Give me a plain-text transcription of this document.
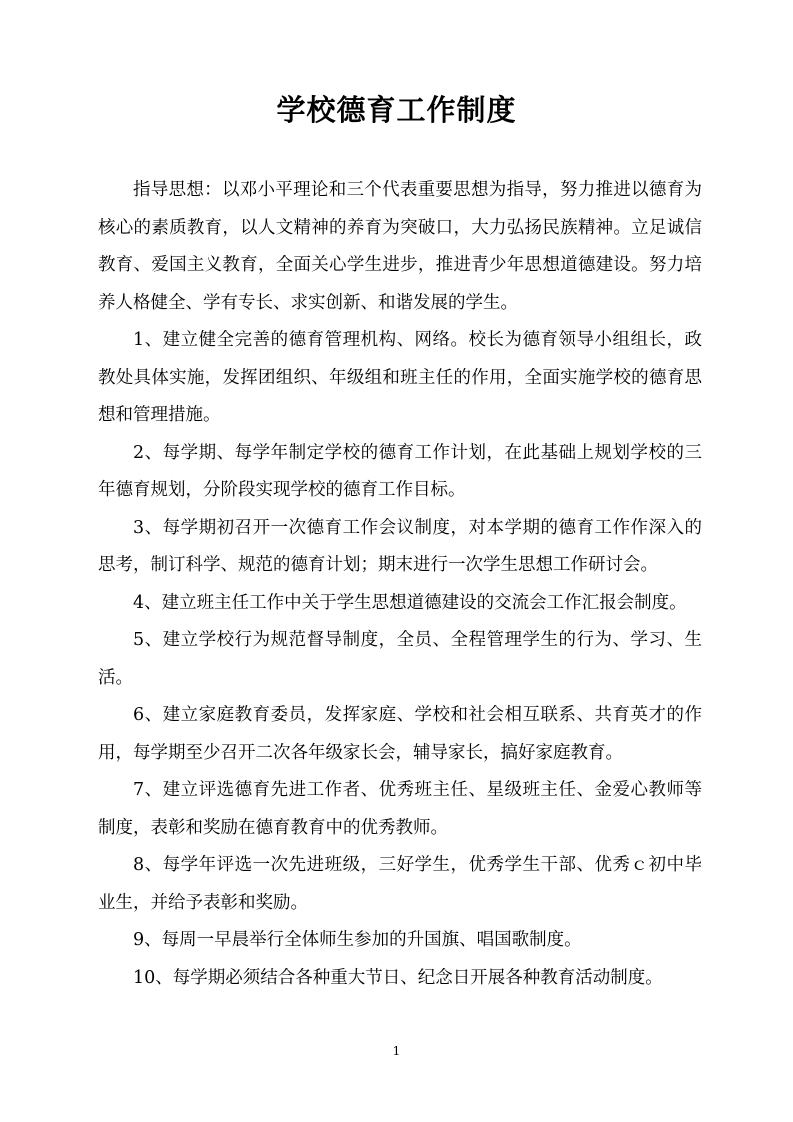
学校德育工作制度

指导思想：以邓小平理论和三个代表重要思想为指导，努力推进以德育为核心的素质教育，以人文精神的养育为突破口，大力弘扬民族精神。立足诚信教育、爱国主义教育，全面关心学生进步，推进青少年思想道德建设。努力培养人格健全、学有专长、求实创新、和谐发展的学生。

1、建立健全完善的德育管理机构、网络。校长为德育领导小组组长，政教处具体实施，发挥团组织、年级组和班主任的作用，全面实施学校的德育思想和管理措施。

2、每学期、每学年制定学校的德育工作计划，在此基础上规划学校的三年德育规划，分阶段实现学校的德育工作目标。

3、每学期初召开一次德育工作会议制度，对本学期的德育工作作深入的思考，制订科学、规范的德育计划；期末进行一次学生思想工作研讨会。

4、建立班主任工作中关于学生思想道德建设的交流会工作汇报会制度。

5、建立学校行为规范督导制度，全员、全程管理学生的行为、学习、生活。

6、建立家庭教育委员，发挥家庭、学校和社会相互联系、共育英才的作用，每学期至少召开二次各年级家长会，辅导家长，搞好家庭教育。

7、建立评选德育先进工作者、优秀班主任、星级班主任、金爱心教师等制度，表彰和奖励在德育教育中的优秀教师。

8、每学年评选一次先进班级，三好学生，优秀学生干部、优秀ｃ初中毕业生，并给予表彰和奖励。

9、每周一早晨举行全体师生参加的升国旗、唱国歌制度。

10、每学期必须结合各种重大节日、纪念日开展各种教育活动制度。

1
